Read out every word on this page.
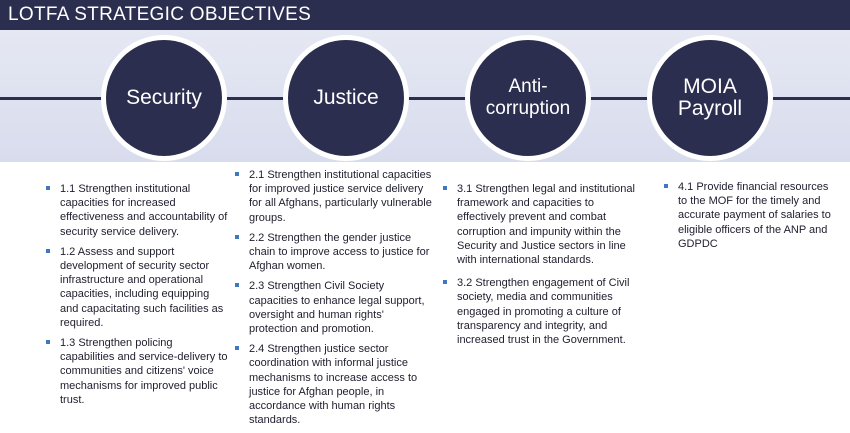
LOTFA STRATEGIC OBJECTIVES
Security	Justice	Anti-
corruption
MOIA
Payroll
1.1 Strengthen institutional capacities for increased effectiveness and accountability of security service delivery.
1.2 Assess and support development of security sector infrastructure and operational capacities, including equipping and capacitating such facilities as required.
1.3 Strengthen policing capabilities and service-delivery to communities and citizens' voice mechanisms for improved public trust.
2.1 Strengthen institutional capacities for improved justice service delivery for all Afghans, particularly vulnerable groups.
2.2 Strengthen the gender justice chain to improve access to justice for Afghan women.
2.3 Strengthen Civil Society capacities to enhance legal support, oversight and human rights' protection and promotion.
2.4 Strengthen justice sector coordination with informal justice mechanisms to increase access to justice for Afghan people, in accordance with human rights standards.
3.1 Strengthen legal and institutional framework and capacities to effectively prevent and combat corruption and impunity within the Security and Justice sectors in line with international standards.
3.2 Strengthen engagement of Civil society, media and communities engaged in promoting a culture of transparency and integrity, and increased trust in the Government.
4.1 Provide financial resources to the MOF for the timely and accurate payment of salaries to eligible officers of the ANP and GDPDC
